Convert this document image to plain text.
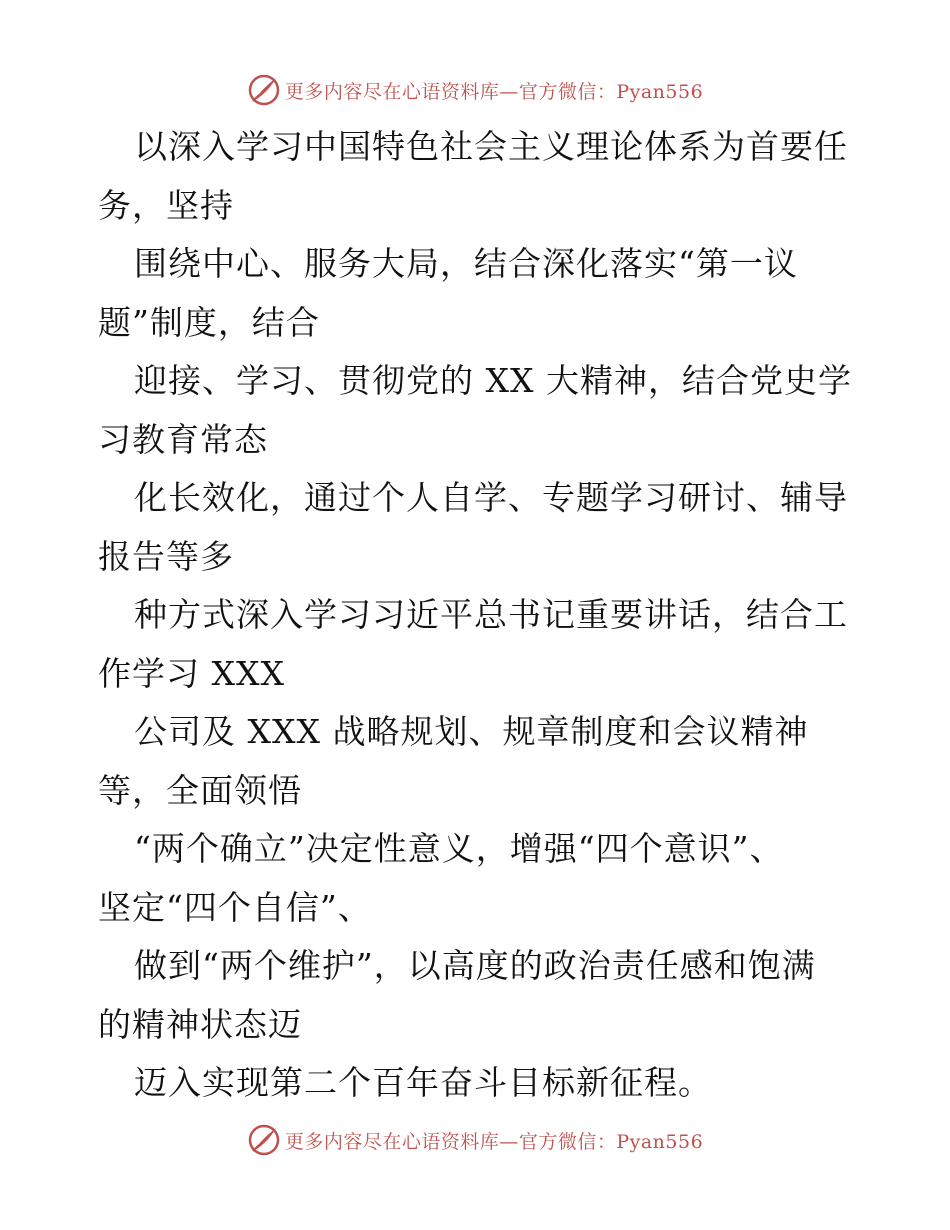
更多内容尽在心语资料库—官方微信：Pyan556
以深入学习中国特色社会主义理论体系为首要任
务，坚持
围绕中心、服务大局，结合深化落实“第一议
题”制度，结合
迎接、学习、贯彻党的 XX 大精神，结合党史学
习教育常态
化长效化，通过个人自学、专题学习研讨、辅导
报告等多
种方式深入学习习近平总书记重要讲话，结合工
作学习 XXX
公司及 XXX 战略规划、规章制度和会议精神
等，全面领悟
“两个确立”决定性意义，增强“四个意识”、
坚定“四个自信”、
做到“两个维护”，以高度的政治责任感和饱满
的精神状态迈
迈入实现第二个百年奋斗目标新征程。
更多内容尽在心语资料库—官方微信：Pyan556
